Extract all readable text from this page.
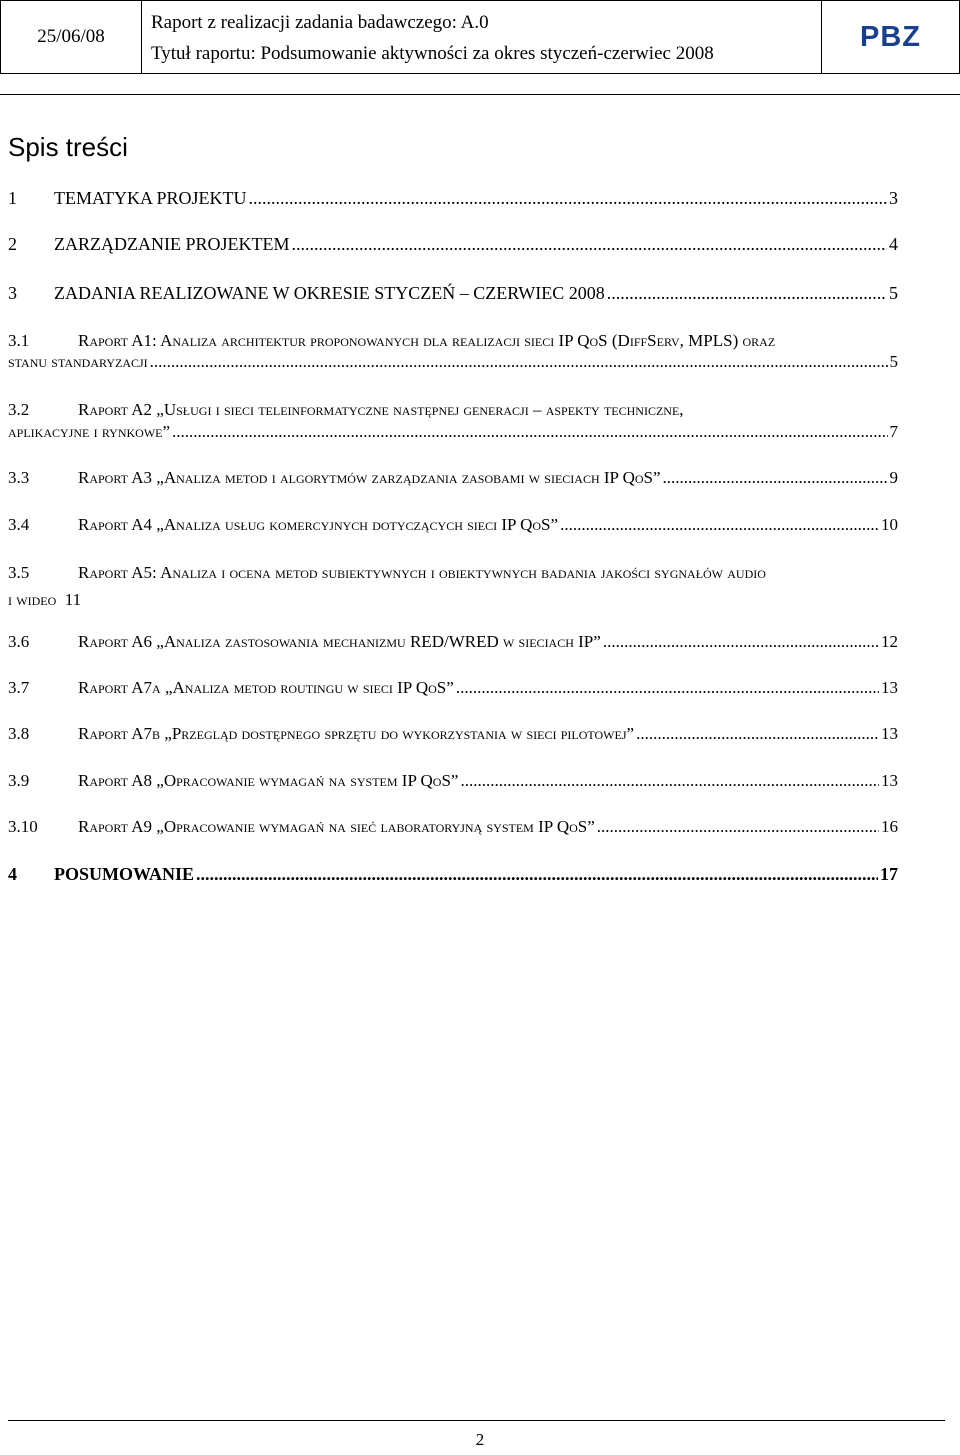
25/06/08
Raport z realizacji zadania badawczego: A.0
Tytuł raportu: Podsumowanie aktywności za okres styczeń-czerwiec 2008
PBZ
Spis treści
1	TEMATYKA PROJEKTU .....	3
2	ZARZĄDZANIE PROJEKTEM .....	4
3	ZADANIA REALIZOWANE W OKRESIE STYCZEŃ – CZERWIEC 2008 .....	5
3.1	Raport A1: Analiza architektur proponowanych dla realizacji sieci IP QoS (DiffServ, MPLS) oraz
stanu standaryzacji .....	5
3.2	Raport A2 „Usługi i sieci teleinformatyczne następnej generacji – aspekty techniczne,
aplikacyjne i rynkowe” .....	7
3.3	Raport A3 „Analiza metod i algorytmów zarządzania zasobami w sieciach IP QoS” .....	9
3.4	Raport A4 „Analiza usług komercyjnych dotyczących sieci IP QoS” .....	10
3.5	Raport A5: Analiza i ocena metod subiektywnych i obiektywnych badania jakości sygnałów audio
i wideo 11
3.6	Raport A6 „Analiza zastosowania mechanizmu RED/WRED w sieciach IP” .....	12
3.7	Raport A7a „Analiza metod routingu w sieci IP QoS” .....	13
3.8	Raport A7b „Przegląd dostępnego sprzętu do wykorzystania w sieci pilotowej” .....	13
3.9	Raport A8 „Opracowanie wymagań na system IP QoS” .....	13
3.10	Raport A9 „Opracowanie wymagań na sieć laboratoryjną system IP QoS” .....	16
4	POSUMOWANIE .....	17
2
